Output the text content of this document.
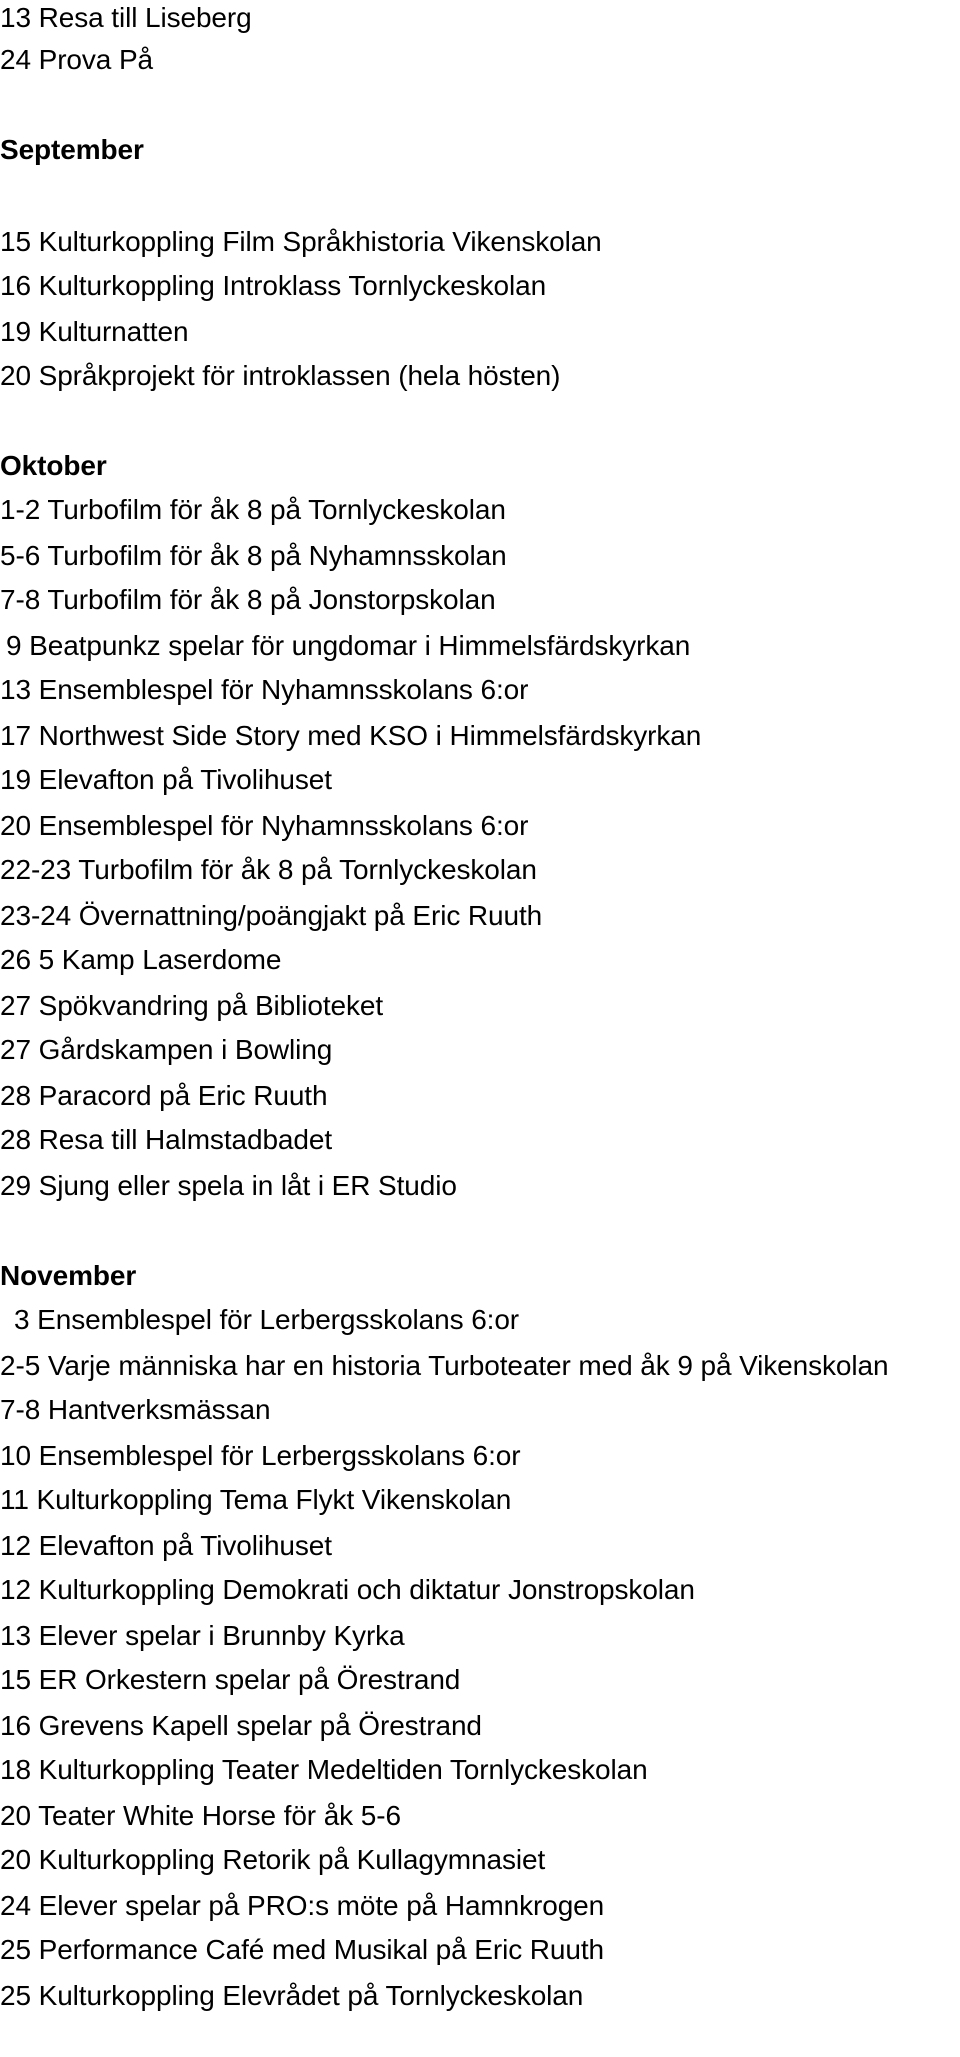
13 Resa till Liseberg
24 Prova På
September
15 Kulturkoppling Film Språkhistoria Vikenskolan
16 Kulturkoppling Introklass Tornlyckeskolan
19 Kulturnatten
20 Språkprojekt för introklassen (hela hösten)
Oktober
1-2 Turbofilm för åk 8 på Tornlyckeskolan
5-6 Turbofilm för åk 8 på Nyhamnsskolan
7-8 Turbofilm för åk 8 på Jonstorpskolan
9 Beatpunkz spelar för ungdomar i Himmelsfärdskyrkan
13 Ensemblespel för Nyhamnsskolans 6:or
17 Northwest Side Story med KSO i Himmelsfärdskyrkan
19 Elevafton på Tivolihuset
20 Ensemblespel för Nyhamnsskolans 6:or
22-23 Turbofilm för åk 8 på Tornlyckeskolan
23-24 Övernattning/poängjakt på Eric Ruuth
26 5 Kamp Laserdome
27 Spökvandring på Biblioteket
27 Gårdskampen i Bowling
28 Paracord på Eric Ruuth
28 Resa till Halmstadbadet
29 Sjung eller spela in låt i ER Studio
November
3 Ensemblespel för Lerbergsskolans 6:or
2-5 Varje människa har en historia Turboteater med åk 9 på Vikenskolan
7-8 Hantverksmässan
10 Ensemblespel för Lerbergsskolans 6:or
11 Kulturkoppling Tema Flykt Vikenskolan
12 Elevafton på Tivolihuset
12 Kulturkoppling Demokrati och diktatur Jonstropskolan
13 Elever spelar i Brunnby Kyrka
15 ER Orkestern spelar på Örestrand
16 Grevens Kapell spelar på Örestrand
18 Kulturkoppling Teater Medeltiden Tornlyckeskolan
20 Teater White Horse för åk 5-6
20 Kulturkoppling Retorik på Kullagymnasiet
24 Elever spelar på PRO:s möte på Hamnkrogen
25 Performance Café med Musikal på Eric Ruuth
25 Kulturkoppling Elevrådet på Tornlyckeskolan
